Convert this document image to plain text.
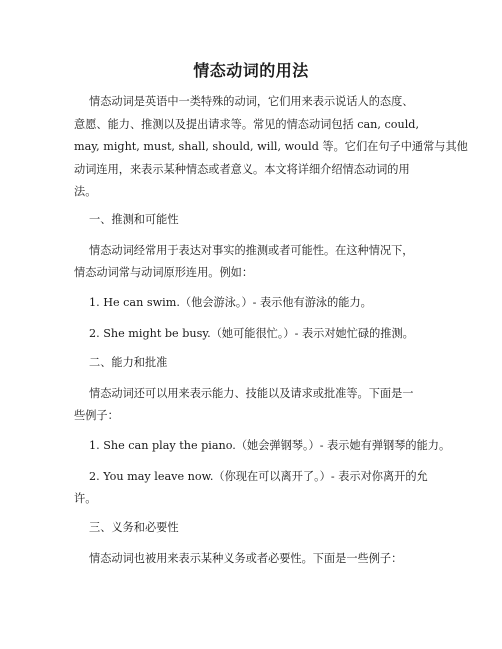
情态动词的用法

情态动词是英语中一类特殊的动词，它们用来表示说话人的态度、

意愿、能力、推测以及提出请求等。常见的情态动词包括 can, could,

may, might, must, shall, should, will, would 等。它们在句子中通常与其他

动词连用，来表示某种情态或者意义。本文将详细介绍情态动词的用

法。

一、推测和可能性

情态动词经常用于表达对事实的推测或者可能性。在这种情况下，

情态动词常与动词原形连用。例如：

1. He can swim.（他会游泳。）- 表示他有游泳的能力。

2. She might be busy.（她可能很忙。）- 表示对她忙碌的推测。

二、能力和批准

情态动词还可以用来表示能力、技能以及请求或批准等。下面是一

些例子：

1. She can play the piano.（她会弹钢琴。）- 表示她有弹钢琴的能力。

2. You may leave now.（你现在可以离开了。）- 表示对你离开的允

许。

三、义务和必要性

情态动词也被用来表示某种义务或者必要性。下面是一些例子：
